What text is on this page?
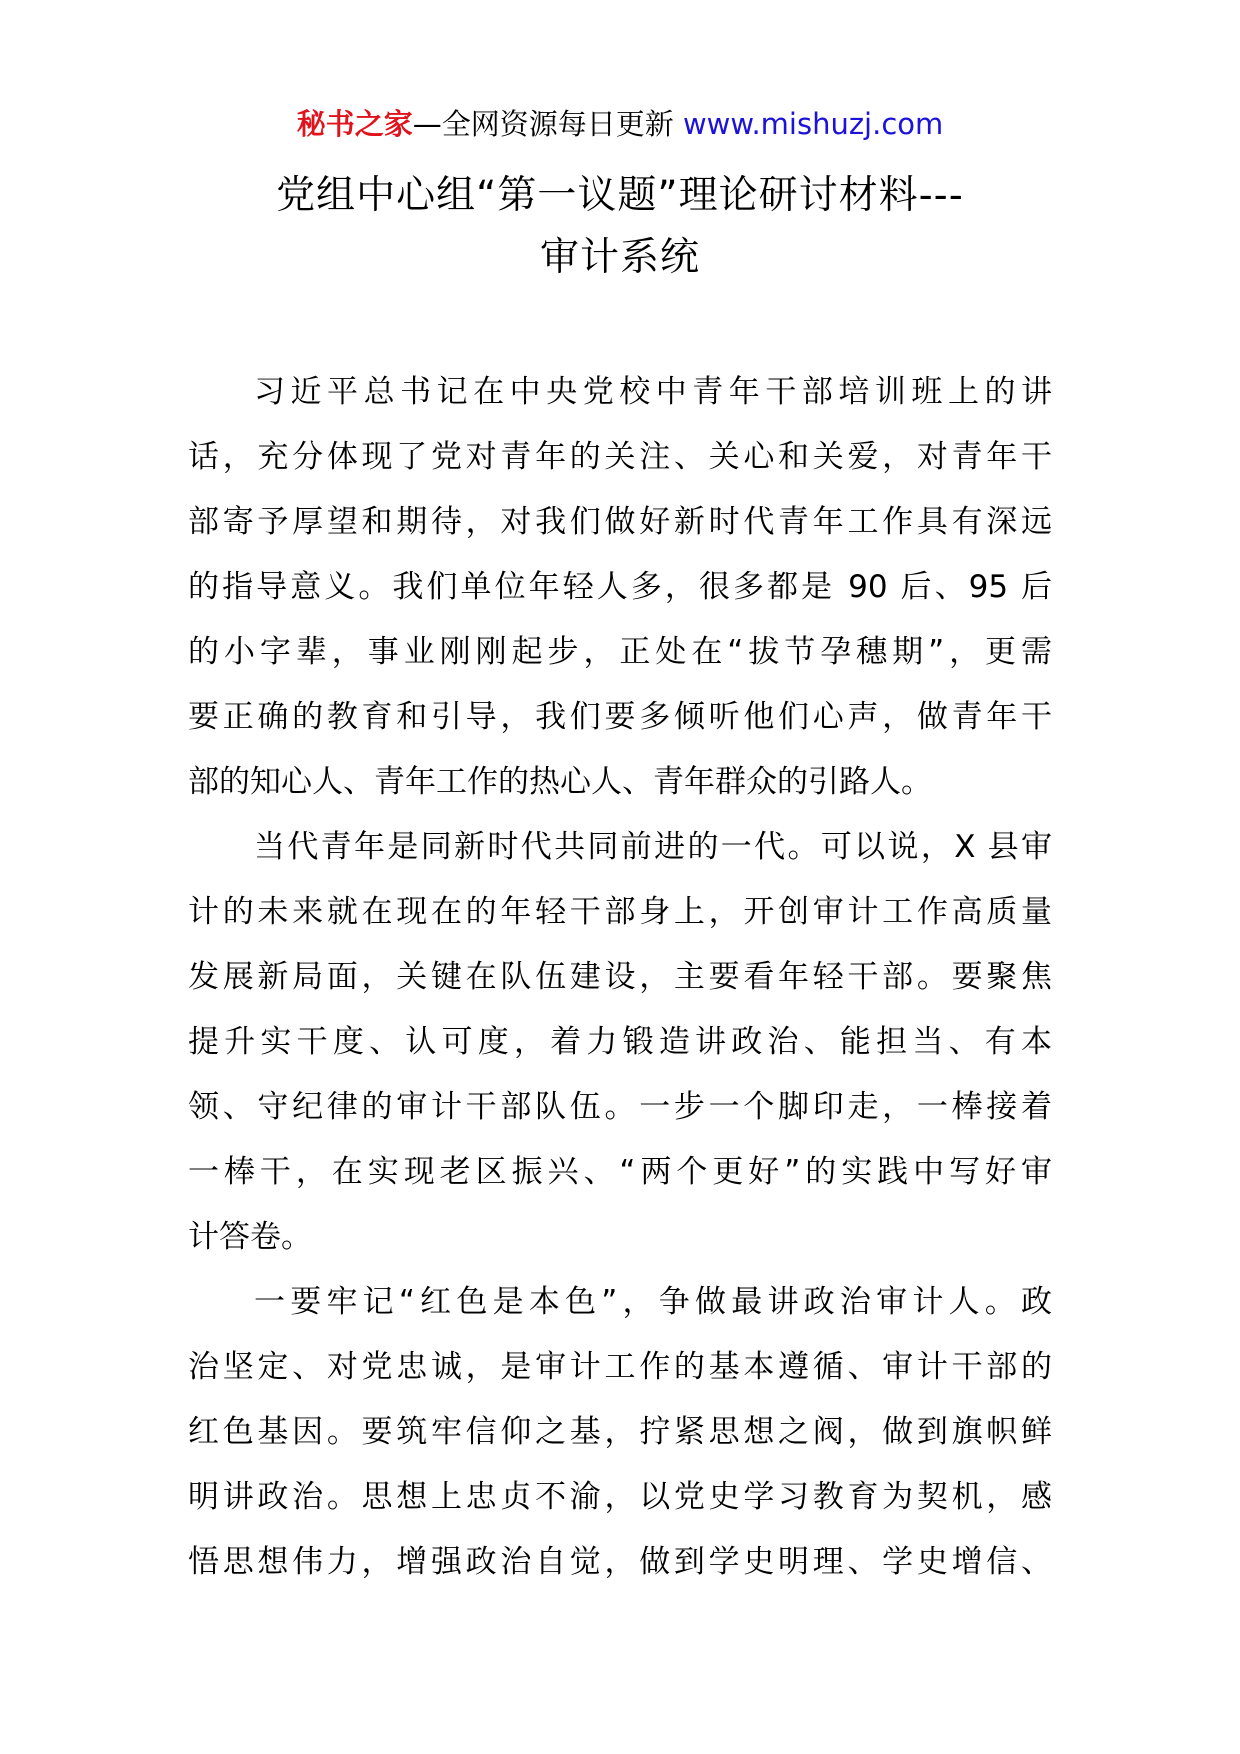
秘书之家—全网资源每日更新 www.mishuzj.com
党组中心组“第一议题”理论研讨材料---
审计系统
习近平总书记在中央党校中青年干部培训班上的讲
话，充分体现了党对青年的关注、关心和关爱，对青年干
部寄予厚望和期待，对我们做好新时代青年工作具有深远
的指导意义。我们单位年轻人多，很多都是 90 后、95 后
的小字辈，事业刚刚起步，正处在“拔节孕穗期”，更需
要正确的教育和引导，我们要多倾听他们心声，做青年干
部的知心人、青年工作的热心人、青年群众的引路人。
当代青年是同新时代共同前进的一代。可以说，X 县审
计的未来就在现在的年轻干部身上，开创审计工作高质量
发展新局面，关键在队伍建设，主要看年轻干部。要聚焦
提升实干度、认可度，着力锻造讲政治、能担当、有本
领、守纪律的审计干部队伍。一步一个脚印走，一棒接着
一棒干，在实现老区振兴、“两个更好”的实践中写好审
计答卷。
一要牢记“红色是本色”，争做最讲政治审计人。政
治坚定、对党忠诚，是审计工作的基本遵循、审计干部的
红色基因。要筑牢信仰之基，拧紧思想之阀，做到旗帜鲜
明讲政治。思想上忠贞不渝，以党史学习教育为契机，感
悟思想伟力，增强政治自觉，做到学史明理、学史增信、
